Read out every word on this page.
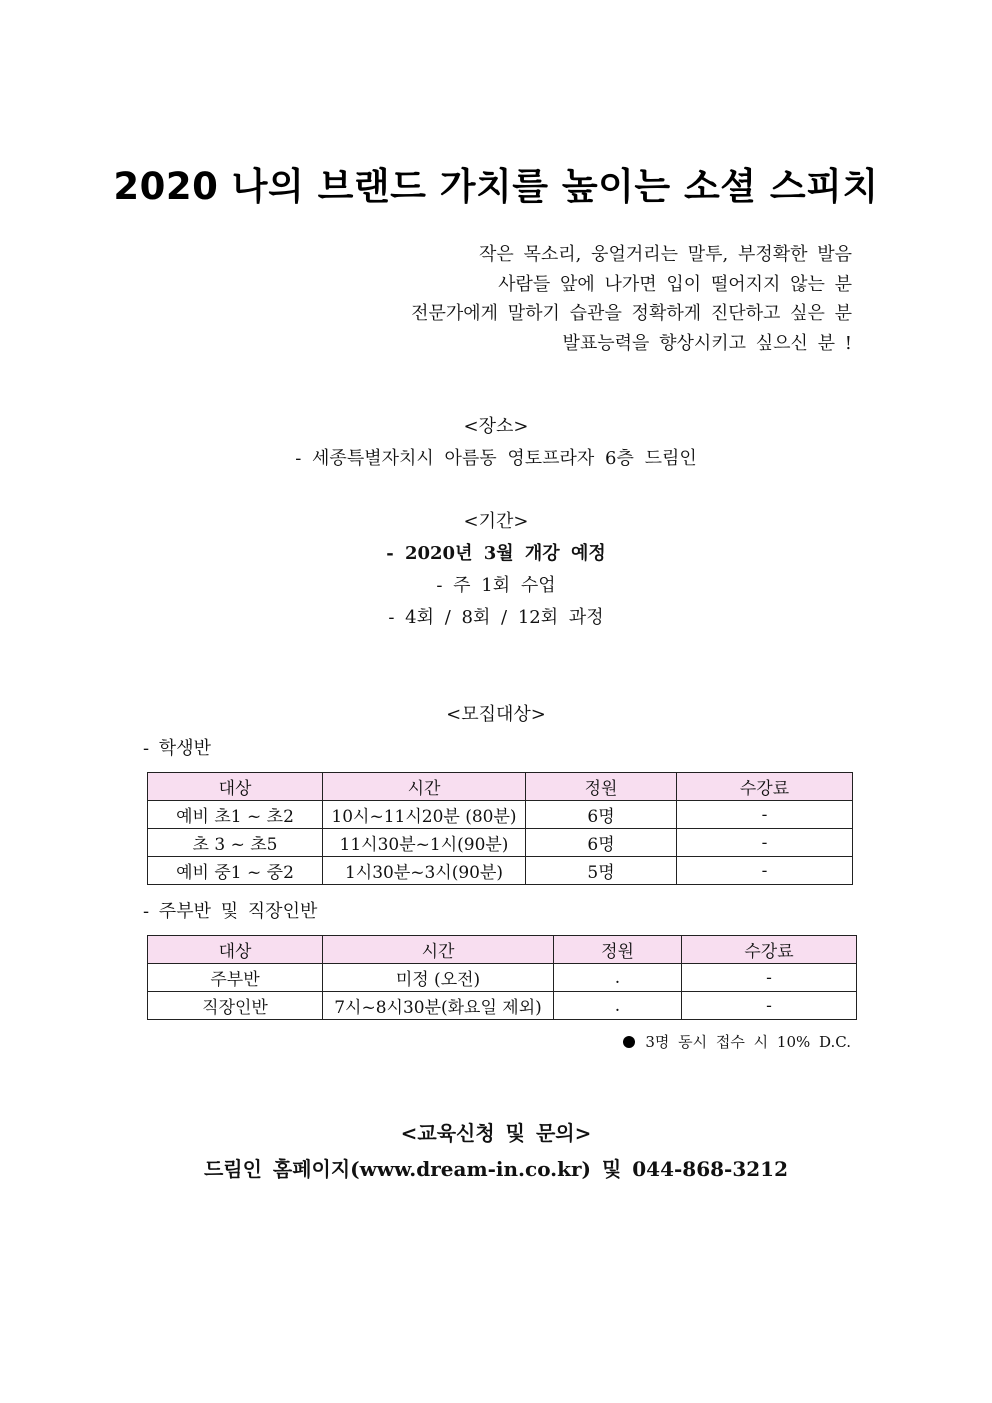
2020 나의 브랜드 가치를 높이는 소셜 스피치
작은 목소리, 웅얼거리는 말투, 부정확한 발음
사람들 앞에 나가면 입이 떨어지지 않는 분
전문가에게 말하기 습관을 정확하게 진단하고 싶은 분
발표능력을 향상시키고 싶으신 분 !
<장소>
- 세종특별자치시 아름동 영토프라자 6층 드림인
<기간>
- 2020년 3월 개강 예정
- 주 1회 수업
- 4회 / 8회 / 12회 과정
<모집대상>
- 학생반
대상	시간	정원	수강료
예비 초1 ~ 초2	10시~11시20분 (80분)	6명	-
초 3 ~ 초5	11시30분~1시(90분)	6명	-
예비 중1 ~ 중2	1시30분~3시(90분)	5명	-
- 주부반 및 직장인반
대상	시간	정원	수강료
주부반	미정 (오전)	.	-
직장인반	7시~8시30분(화요일 제외)	.	-
3명 동시 접수 시 10% D.C.
<교육신청 및 문의>
드림인 홈페이지(www.dream-in.co.kr) 및 044-868-3212
